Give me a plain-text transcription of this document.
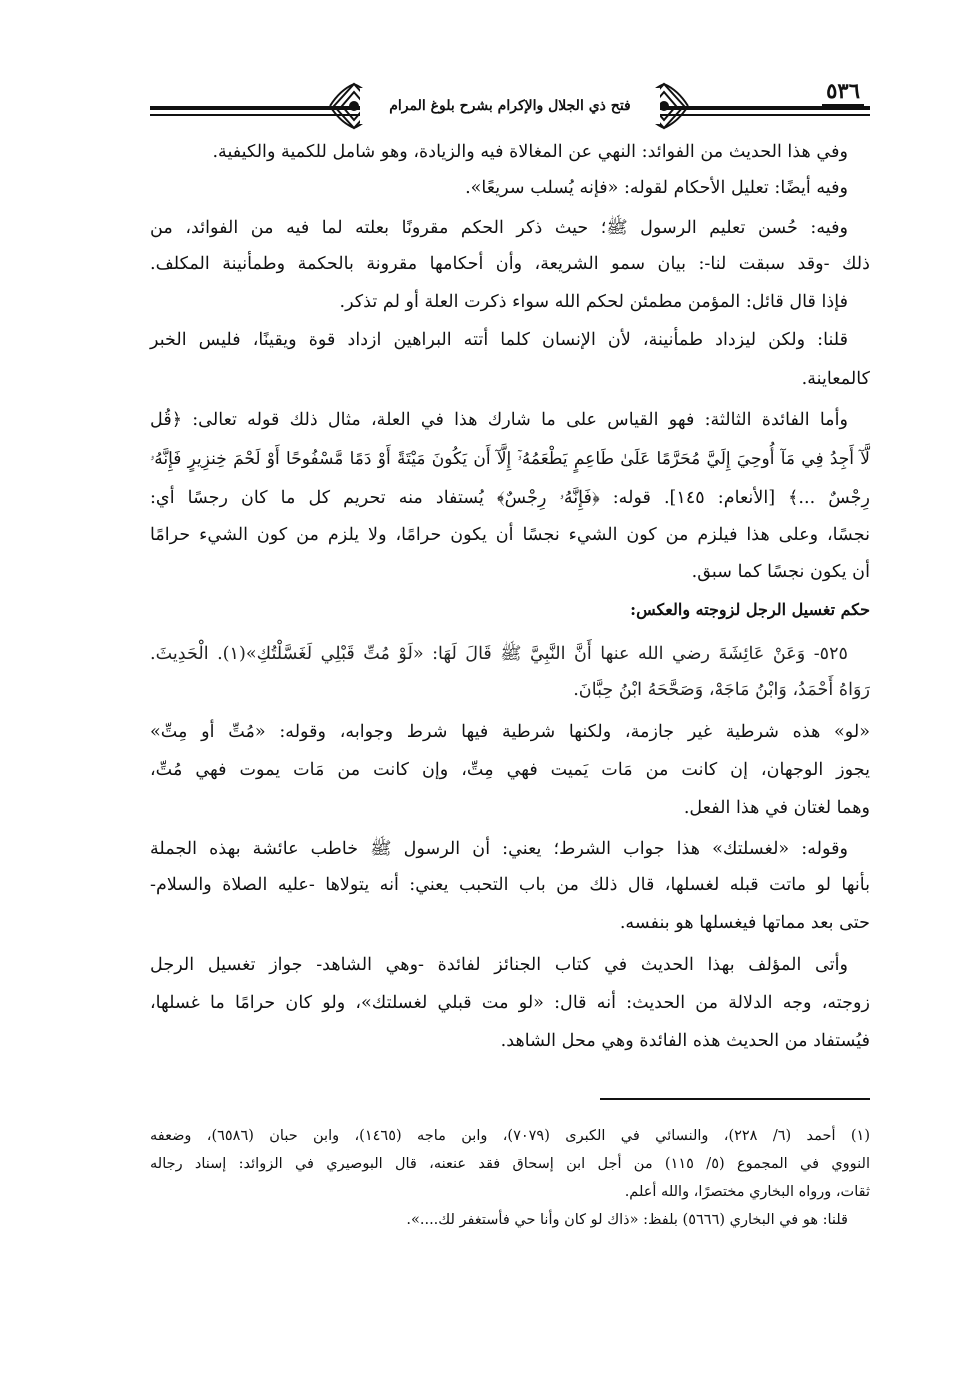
فتح ذي الجلال والإكرام بشرح بلوغ المرام
٥٣٦
وفي هذا الحديث من الفوائد: النهي عن المغالاة فيه والزيادة، وهو شامل للكمية والكيفية.
وفيه أيضًا: تعليل الأحكام لقوله: «فإنه يُسلب سريعًا».
وفيه: حُسن تعليم الرسول ﷺ؛ حيث ذكر الحكم مقرونًا بعلته لما فيه من الفوائد، من
ذلك -وقد سبقت لنا-: بيان سمو الشريعة، وأن أحكامها مقرونة بالحكمة وطمأنينة المكلف.
فإذا قال قائل: المؤمن مطمئن لحكم الله سواء ذكرت العلة أو لم تذكر.
قلنا: ولكن ليزداد طمأنينة، لأن الإنسان كلما أتته البراهين ازداد قوة ويقينًا، فليس الخبر
كالمعاينة.
وأما الفائدة الثالثة: فهو القياس على ما شارك هذا في العلة، مثال ذلك قوله تعالى: ﴿قُل
لَّآ أَجِدُ فِي مَآ أُوحِيَ إِلَيَّ مُحَرَّمًا عَلَىٰ طَاعِمٍ يَطْعَمُهُۥٓ إِلَّآ أَن يَكُونَ مَيْتَةً أَوْ دَمًا مَّسْفُوحًا أَوْ لَحْمَ خِنزِيرٍ فَإِنَّهُۥ
رِجْسٌ ...﴾ [الأنعام: ١٤٥]. قوله: ﴿فَإِنَّهُۥ رِجْسٌ﴾ يُستفاد منه تحريم كل ما كان رجسًا أي:
نجسًا، وعلى هذا فيلزم من كون الشيء نجسًا أن يكون حرامًا، ولا يلزم من كون الشيء حرامًا
أن يكون نجسًا كما سبق.
حكم تغسيل الرجل لزوجته والعكس:
٥٢٥- وَعَنْ عَائِشَةَ رضي الله عنها أَنَّ النَّبِيَّ ﷺ قَالَ لَهَا: «لَوْ مُتِّ قَبْلِي لَغَسَّلْتُكِ»(١). الْحَدِيثَ.
رَوَاهُ أَحْمَدُ، وَابْنُ مَاجَهْ، وَصَحَّحَهُ ابْنُ حِبَّانَ.
«لو» هذه شرطية غير جازمة، ولكنها شرطية فيها شرط وجوابه، وقوله: «مُتِّ أو مِتِّ»
يجوز الوجهان، إن كانت من مَات يَميت فهي مِتِّ، وإن كانت من مَات يموت فهي مُتِّ،
وهما لغتان في هذا الفعل.
وقوله: «لغسلتك» هذا جواب الشرط؛ يعني: أن الرسول ﷺ خاطب عائشة بهذه الجملة
بأنها لو ماتت قبله لغسلها، قال ذلك من باب التحبب يعني: أنه يتولاها -عليه الصلاة والسلام-
حتى بعد مماتها فيغسلها هو بنفسه.
وأتى المؤلف بهذا الحديث في كتاب الجنائز لفائدة -وهي الشاهد- جواز تغسيل الرجل
زوجته، وجه الدلالة من الحديث: أنه قال: «لو مت قبلي لغسلتك»، ولو كان حرامًا ما غسلها،
فيُستفاد من الحديث هذه الفائدة وهي محل الشاهد.
(١) أحمد (٦/ ٢٢٨)، والنسائي في الكبرى (٧٠٧٩)، وابن ماجه (١٤٦٥)، وابن حبان (٦٥٨٦)، وضعفه
النووي في المجموع (٥/ ١١٥) من أجل ابن إسحاق فقد عنعنه، قال البوصيري في الزوائد: إسناد رجاله
ثقات، ورواه البخاري مختصرًا، والله أعلم.
قلنا: هو في البخاري (٥٦٦٦) بلفظ: «ذاك لو كان وأنا حي فأستغفر لك....».
